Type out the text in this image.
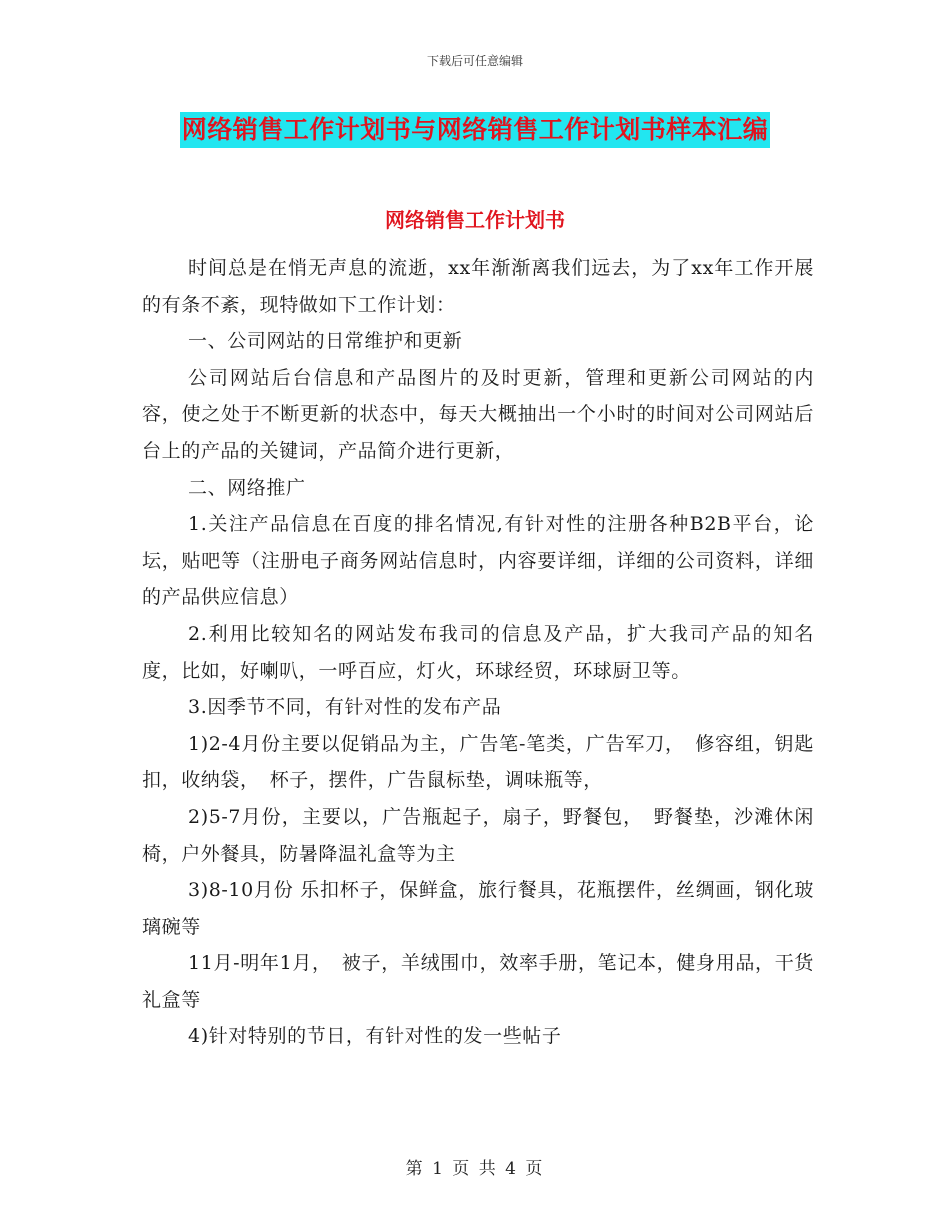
下载后可任意编辑
网络销售工作计划书与网络销售工作计划书样本汇编
网络销售工作计划书

时间总是在悄无声息的流逝，xx年渐渐离我们远去，为了xx年工作开展的有条不紊，现特做如下工作计划：

一、公司网站的日常维护和更新

公司网站后台信息和产品图片的及时更新，管理和更新公司网站的内容，使之处于不断更新的状态中，每天大概抽出一个小时的时间对公司网站后台上的产品的关键词，产品简介进行更新，

二、网络推广

1.关注产品信息在百度的排名情况,有针对性的注册各种B2B平台，论坛，贴吧等（注册电子商务网站信息时，内容要详细，详细的公司资料，详细的产品供应信息）

2.利用比较知名的网站发布我司的信息及产品，扩大我司产品的知名度，比如，好喇叭，一呼百应，灯火，环球经贸，环球厨卫等。

3.因季节不同，有针对性的发布产品

1)2-4月份主要以促销品为主，广告笔-笔类，广告军刀，　修容组，钥匙扣，收纳袋，　杯子，摆件，广告鼠标垫，调味瓶等，

2)5-7月份，主要以，广告瓶起子，扇子，野餐包，　野餐垫，沙滩休闲椅，户外餐具，防暑降温礼盒等为主

3)8-10月份 乐扣杯子，保鲜盒，旅行餐具，花瓶摆件，丝绸画，钢化玻璃碗等

11月-明年1月，　被子，羊绒围巾，效率手册，笔记本，健身用品，干货礼盒等

4)针对特别的节日，有针对性的发一些帖子

第 1 页 共 4 页
